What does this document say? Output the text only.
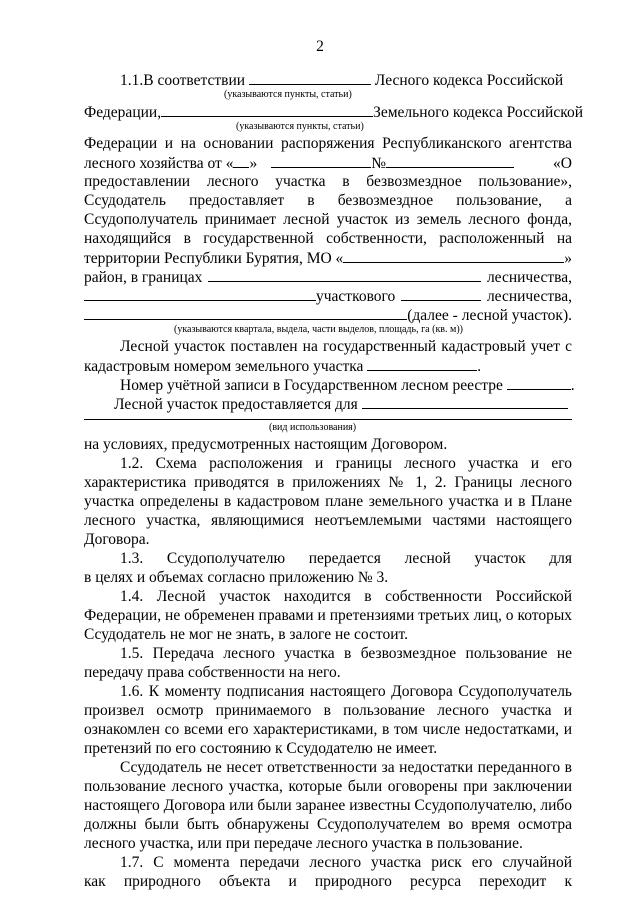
2
1.1.В соответствии	Лесного кодекса Российской
(указываются пункты, статьи)
Федерации,	Земельного кодекса Российской
(указываются пункты, статьи)
Федерации и на основании распоряжения Республиканского агентства
лесного хозяйства от « »	№	«О
предоставлении лесного участка в безвозмездное пользование»,
Ссудодатель предоставляет в безвозмездное пользование, а
Ссудополучатель принимает лесной участок из земель лесного фонда,
находящийся в государственной собственности, расположенный на
территории Республики Бурятия, МО «	»
район, в границах	лесничества,
участкового	лесничества,
(далее - лесной участок).
(указываются квартала, выдела, части выделов, площадь, га (кв. м))
Лесной участок поставлен на государственный кадастровый учет с
кадастровым номером земельного участка	.
Номер учётной записи в Государственном лесном реестре	.
Лесной участок предоставляется для
(вид использования)
на условиях, предусмотренных настоящим Договором.
1.2. Схема расположения и границы лесного участка и его
характеристика приводятся в приложениях № 1, 2. Границы лесного
участка определены в кадастровом плане земельного участка и в Плане
лесного участка, являющимися неотъемлемыми частями настоящего
Договора.
1.3. Ссудополучателю передается лесной участок для
в целях и объемах согласно приложению № 3.
1.4. Лесной участок находится в собственности Российской
Федерации, не обременен правами и претензиями третьих лиц, о которых
Ссудодатель не мог не знать, в залоге не состоит.
1.5. Передача лесного участка в безвозмездное пользование не
передачу права собственности на него.
1.6. К моменту подписания настоящего Договора Ссудополучатель
произвел осмотр принимаемого в пользование лесного участка и
ознакомлен со всеми его характеристиками, в том числе недостатками, и
претензий по его состоянию к Ссудодателю не имеет.
Ссудодатель не несет ответственности за недостатки переданного в
пользование лесного участка, которые были оговорены при заключении
настоящего Договора или были заранее известны Ссудополучателю, либо
должны были быть обнаружены Ссудополучателем во время осмотра
лесного участка, или при передаче лесного участка в пользование.
1.7. С момента передачи лесного участка риск его случайной
как природного объекта и природного ресурса переходит к
